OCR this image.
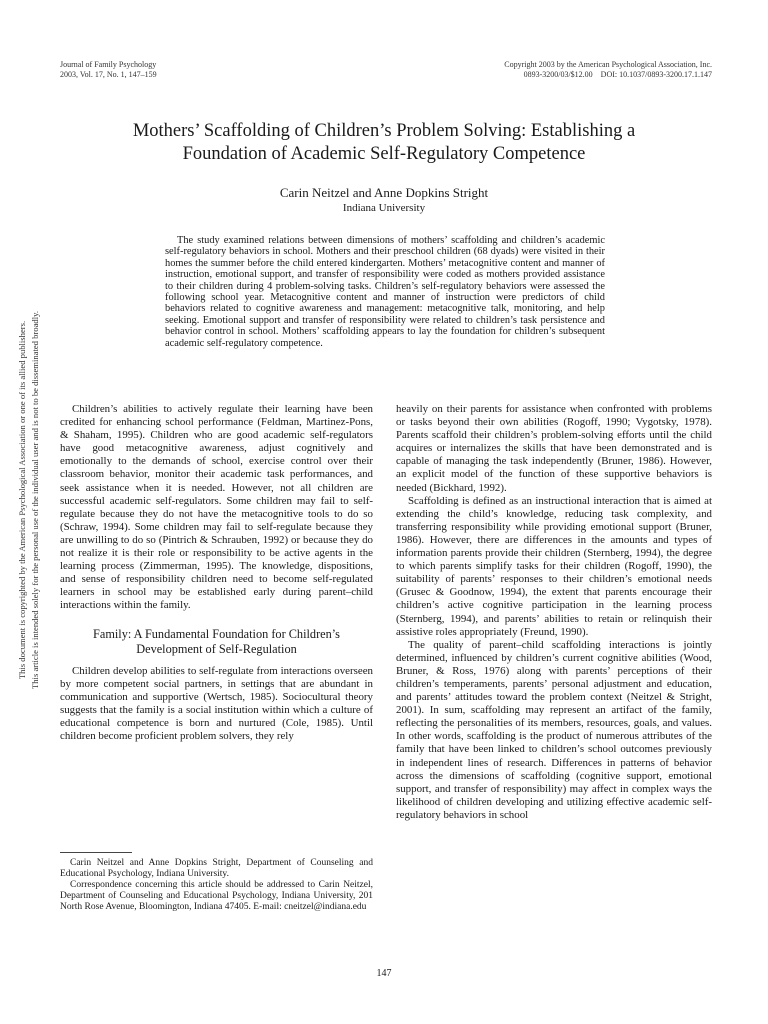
Journal of Family Psychology
2003, Vol. 17, No. 1, 147–159
Copyright 2003 by the American Psychological Association, Inc.
0893-3200/03/$12.00    DOI: 10.1037/0893-3200.17.1.147
Mothers’ Scaffolding of Children’s Problem Solving: Establishing a
Foundation of Academic Self-Regulatory Competence
Carin Neitzel and Anne Dopkins Stright
Indiana University

The study examined relations between dimensions of mothers’ scaffolding and children’s academic self-regulatory behaviors in school. Mothers and their preschool children (68 dyads) were visited in their homes the summer before the child entered kindergarten. Mothers’ metacognitive content and manner of instruction, emotional support, and transfer of responsibility were coded as mothers provided assistance to their children during 4 problem-solving tasks. Children’s self-regulatory behaviors were assessed the following school year. Metacognitive content and manner of instruction were predictors of child behaviors related to cognitive awareness and management: metacognitive talk, monitoring, and help seeking. Emotional support and transfer of responsibility were related to children’s task persistence and behavior control in school. Mothers’ scaffolding appears to lay the foundation for children’s subsequent academic self-regulatory competence.

This document is copyrighted by the American Psychological Association or one of its allied publishers. This article is intended solely for the personal use of the individual user and is not to be disseminated broadly.	Children’s abilities to actively regulate their learning have been credited for enhancing school performance (Feldman, Martinez-Pons, & Shaham, 1995). Children who are good academic self-regulators have good metacognitive awareness, adjust cognitively and emotionally to the demands of school, exercise control over their classroom behavior, monitor their academic task performances, and seek assistance when it is needed. However, not all children are successful academic self-regulators. Some children may fail to self-regulate because they do not have the metacognitive tools to do so (Schraw, 1994). Some children may fail to self-regulate because they are unwilling to do so (Pintrich & Schrauben, 1992) or because they do not realize it is their role or responsibility to be active agents in the learning process (Zimmerman, 1995). The knowledge, dispositions, and sense of responsibility children need to become self-regulated learners in school may be established early during parent–child interactions within the family.

Family: A Fundamental Foundation for Children’s Development of Self-Regulation

Children develop abilities to self-regulate from interactions overseen by more competent social partners, in settings that are abundant in communication and supportive (Wertsch, 1985). Sociocultural theory suggests that the family is a social institution within which a culture of educational competence is born and nurtured (Cole, 1985). Until children become proficient problem solvers, they rely

Carin Neitzel and Anne Dopkins Stright, Department of Counseling and Educational Psychology, Indiana University.

Correspondence concerning this article should be addressed to Carin Neitzel, Department of Counseling and Educational Psychology, Indiana University, 201 North Rose Avenue, Bloomington, Indiana 47405. E-mail: cneitzel@indiana.edu

heavily on their parents for assistance when confronted with problems or tasks beyond their own abilities (Rogoff, 1990; Vygotsky, 1978). Parents scaffold their children’s problem-solving efforts until the child acquires or internalizes the skills that have been demonstrated and is capable of managing the task independently (Bruner, 1986). However, an explicit model of the function of these supportive behaviors is needed (Bickhard, 1992).

Scaffolding is defined as an instructional interaction that is aimed at extending the child’s knowledge, reducing task complexity, and transferring responsibility while providing emotional support (Bruner, 1986). However, there are differences in the amounts and types of information parents provide their children (Sternberg, 1994), the degree to which parents simplify tasks for their children (Rogoff, 1990), the suitability of parents’ responses to their children’s emotional needs (Grusec & Goodnow, 1994), the extent that parents encourage their children’s active cognitive participation in the learning process (Sternberg, 1994), and parents’ abilities to retain or relinquish their assistive roles appropriately (Freund, 1990).

The quality of parent–child scaffolding interactions is jointly determined, influenced by children’s current cognitive abilities (Wood, Bruner, & Ross, 1976) along with parents’ perceptions of their children’s temperaments, parents’ personal adjustment and education, and parents’ attitudes toward the problem context (Neitzel & Stright, 2001). In sum, scaffolding may represent an artifact of the family, reflecting the personalities of its members, resources, goals, and values. In other words, scaffolding is the product of numerous attributes of the family that have been linked to children’s school outcomes previously in independent lines of research. Differences in patterns of behavior across the dimensions of scaffolding (cognitive support, emotional support, and transfer of responsibility) may affect in complex ways the likelihood of children developing and utilizing effective academic self-regulatory behaviors in school

147
